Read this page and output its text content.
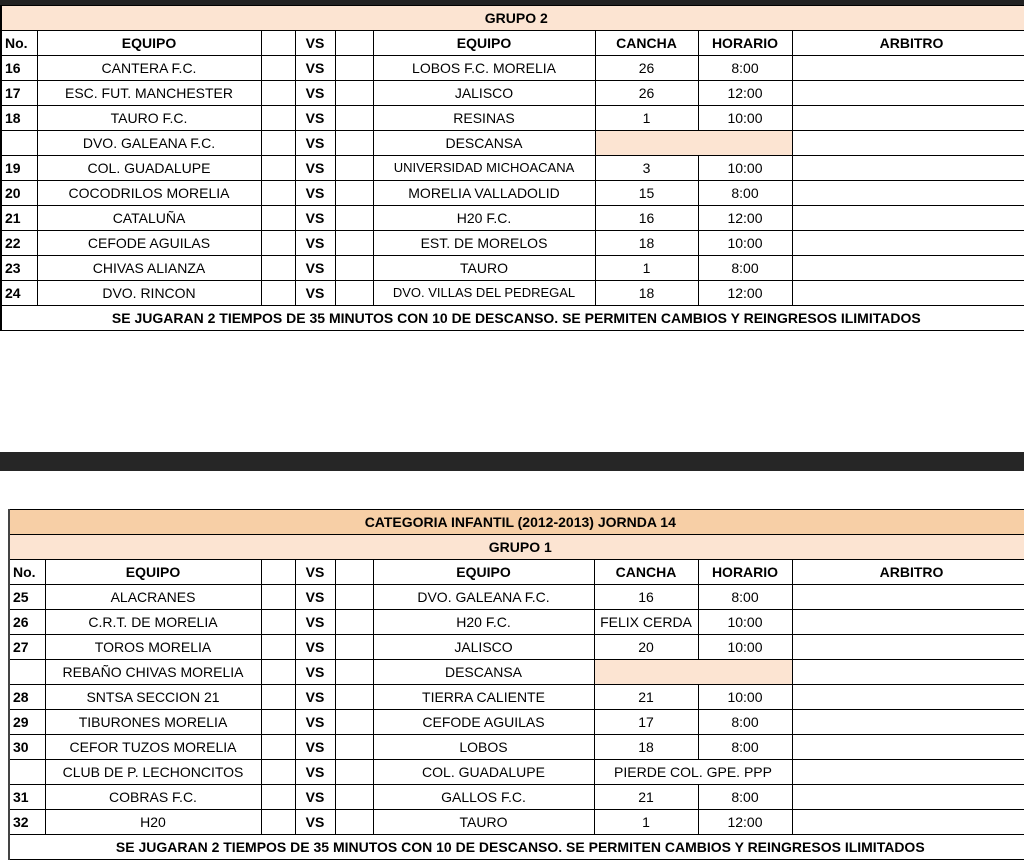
GRUPO 2								
No.	EQUIPO		VS		EQUIPO	CANCHA	HORARIO	ARBITRO
16	CANTERA F.C.		VS		LOBOS F.C. MORELIA	26	8:00	
17	ESC. FUT. MANCHESTER		VS		JALISCO	26	12:00	
18	TAURO F.C.		VS		RESINAS	1	10:00	
	DVO. GALEANA F.C.		VS		DESCANSA			
19	COL. GUADALUPE		VS		UNIVERSIDAD MICHOACANA	3	10:00	
20	COCODRILOS MORELIA		VS		MORELIA VALLADOLID	15	8:00	
21	CATALUÑA		VS		H20 F.C.	16	12:00	
22	CEFODE AGUILAS		VS		EST. DE MORELOS	18	10:00	
23	CHIVAS ALIANZA		VS		TAURO	1	8:00	
24	DVO. RINCON		VS		DVO. VILLAS DEL PEDREGAL	18	12:00	
SE JUGARAN 2 TIEMPOS DE 35 MINUTOS CON 10 DE DESCANSO. SE PERMITEN CAMBIOS Y REINGRESOS ILIMITADOS								
CATEGORIA INFANTIL (2012-2013) JORNDA 14								
GRUPO 1								
No.	EQUIPO		VS		EQUIPO	CANCHA	HORARIO	ARBITRO
25	ALACRANES		VS		DVO. GALEANA F.C.	16	8:00	
26	C.R.T. DE MORELIA		VS		H20 F.C.	FELIX CERDA	10:00	
27	TOROS MORELIA		VS		JALISCO	20	10:00	
	REBAÑO CHIVAS MORELIA		VS		DESCANSA			
28	SNTSA SECCION 21		VS		TIERRA CALIENTE	21	10:00	
29	TIBURONES MORELIA		VS		CEFODE AGUILAS	17	8:00	
30	CEFOR TUZOS MORELIA		VS		LOBOS	18	8:00	
	CLUB DE P. LECHONCITOS		VS		COL. GUADALUPE	PIERDE COL. GPE. PPP		
31	COBRAS F.C.		VS		GALLOS F.C.	21	8:00	
32	H20		VS		TAURO	1	12:00	
SE JUGARAN 2 TIEMPOS DE 35 MINUTOS CON 10 DE DESCANSO. SE PERMITEN CAMBIOS Y REINGRESOS ILIMITADOS								
